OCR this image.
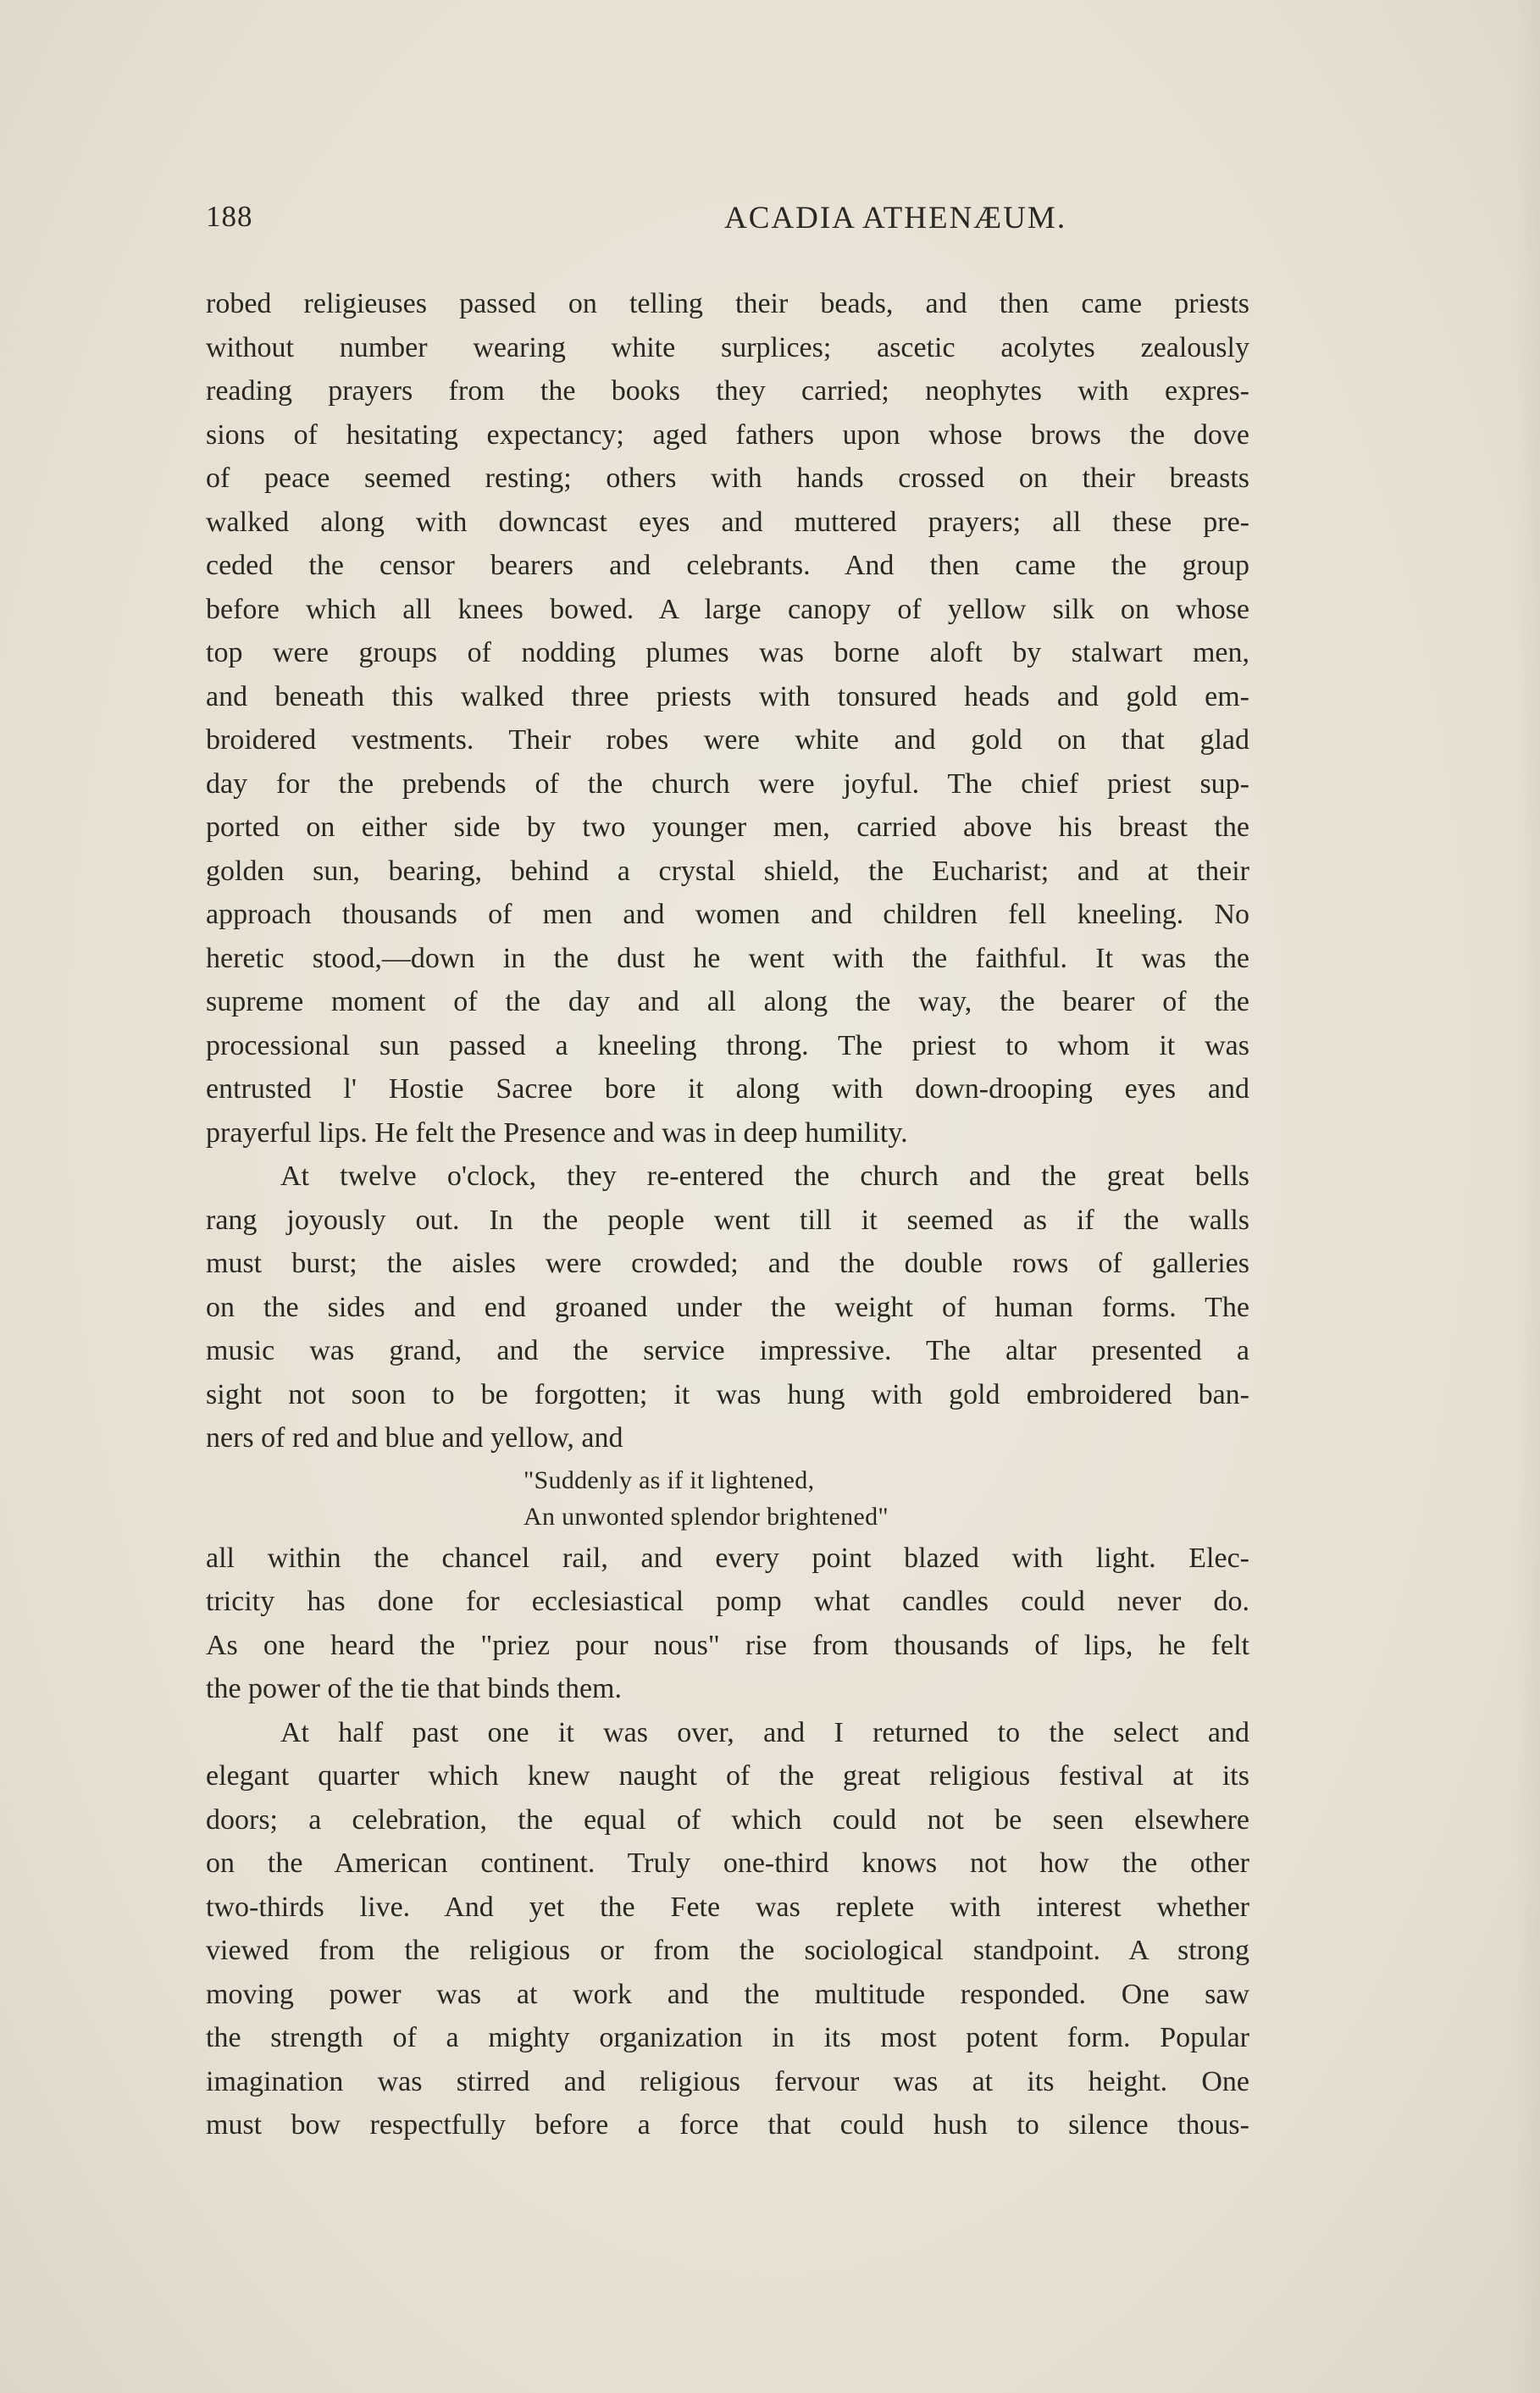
188	ACADIA ATHENÆUM.
robed religieuses passed on telling their beads, and then came priests
without number wearing white surplices; ascetic acolytes zealously
reading prayers from the books they carried; neophytes with expres-
sions of hesitating expectancy; aged fathers upon whose brows the dove
of peace seemed resting; others with hands crossed on their breasts
walked along with downcast eyes and muttered prayers; all these pre-
ceded the censor bearers and celebrants. And then came the group
before which all knees bowed. A large canopy of yellow silk on whose
top were groups of nodding plumes was borne aloft by stalwart men,
and beneath this walked three priests with tonsured heads and gold em-
broidered vestments. Their robes were white and gold on that glad
day for the prebends of the church were joyful. The chief priest sup-
ported on either side by two younger men, carried above his breast the
golden sun, bearing, behind a crystal shield, the Eucharist; and at their
approach thousands of men and women and children fell kneeling. No
heretic stood,—down in the dust he went with the faithful. It was the
supreme moment of the day and all along the way, the bearer of the
processional sun passed a kneeling throng. The priest to whom it was
entrusted l' Hostie Sacree bore it along with down-drooping eyes and
prayerful lips. He felt the Presence and was in deep humility.
At twelve o'clock, they re-entered the church and the great bells
rang joyously out. In the people went till it seemed as if the walls
must burst; the aisles were crowded; and the double rows of galleries
on the sides and end groaned under the weight of human forms. The
music was grand, and the service impressive. The altar presented a
sight not soon to be forgotten; it was hung with gold embroidered ban-
ners of red and blue and yellow, and
"Suddenly as if it lightened,
An unwonted splendor brightened"
all within the chancel rail, and every point blazed with light. Elec-
tricity has done for ecclesiastical pomp what candles could never do.
As one heard the "priez pour nous" rise from thousands of lips, he felt
the power of the tie that binds them.
At half past one it was over, and I returned to the select and
elegant quarter which knew naught of the great religious festival at its
doors; a celebration, the equal of which could not be seen elsewhere
on the American continent. Truly one-third knows not how the other
two-thirds live. And yet the Fete was replete with interest whether
viewed from the religious or from the sociological standpoint. A strong
moving power was at work and the multitude responded. One saw
the strength of a mighty organization in its most potent form. Popular
imagination was stirred and religious fervour was at its height. One
must bow respectfully before a force that could hush to silence thous-
